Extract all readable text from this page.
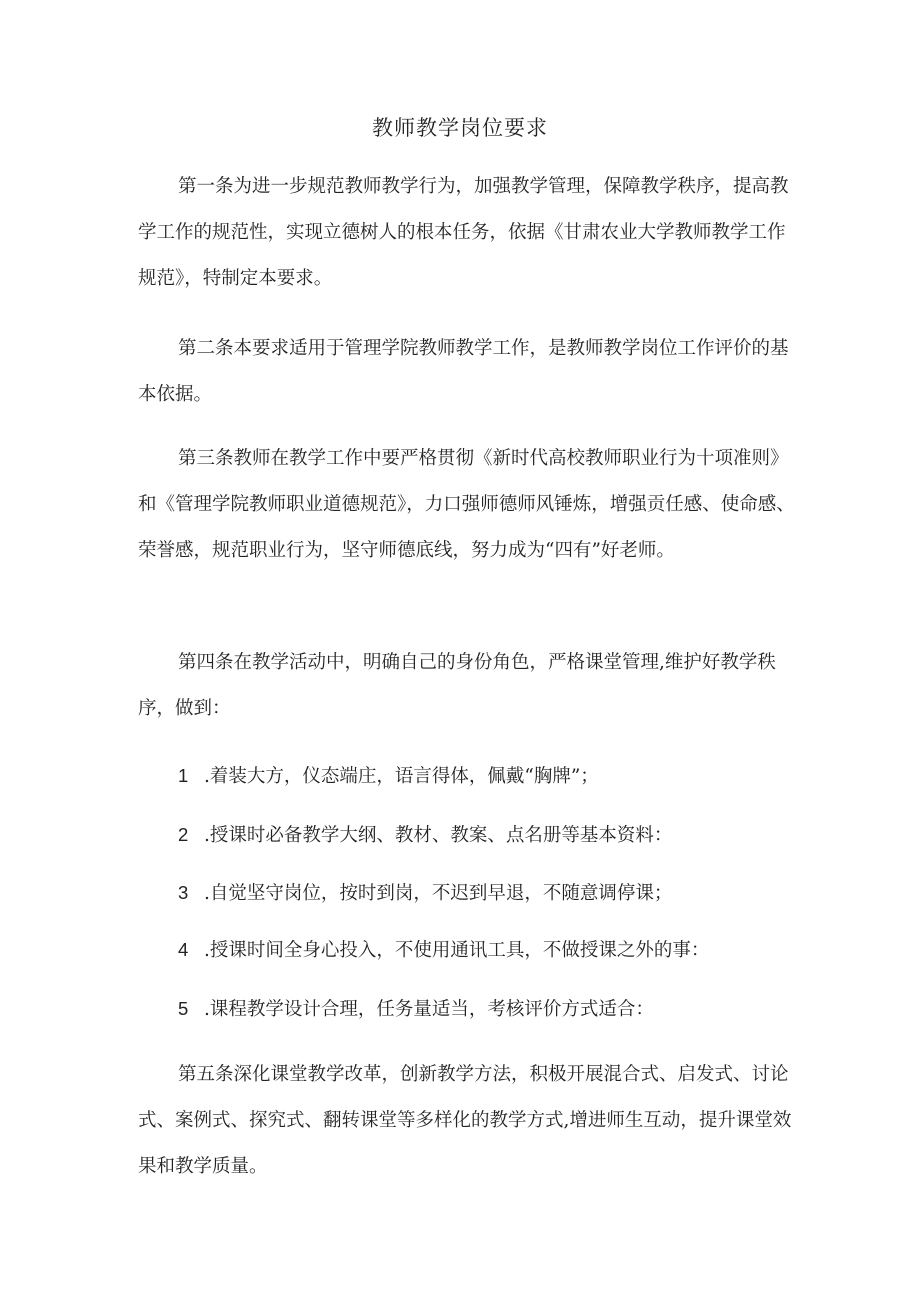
教师教学岗位要求

第一条为进一步规范教师教学行为，加强教学管理，保障教学秩序，提高教学工作的规范性，实现立德树人的根本任务，依据《甘肃农业大学教师教学工作规范》，特制定本要求。

第二条本要求适用于管理学院教师教学工作，是教师教学岗位工作评价的基本依据。

第三条教师在教学工作中要严格贯彻《新时代高校教师职业行为十项准则》和《管理学院教师职业道德规范》，力口强师德师风锤炼，增强贡任感、使命感、荣誉感，规范职业行为，坚守师德底线，努力成为“四有”好老师。

第四条在教学活动中，明确自己的身份角色，严格课堂管理,维护好教学秩序，做到：

1 .着装大方，仪态端庄，语言得体，佩戴“胸牌”；

2 .授课时必备教学大纲、教材、教案、点名册等基本资料：

3 .自觉坚守岗位，按时到岗，不迟到早退，不随意调停课；

4 .授课时间全身心投入，不使用通讯工具，不做授课之外的事：

5 .课程教学设计合理，任务量适当，考核评价方式适合：

第五条深化课堂教学改革，创新教学方法，积极开展混合式、启发式、讨论式、案例式、探究式、翻转课堂等多样化的教学方式,增进师生互动，提升课堂效果和教学质量。
